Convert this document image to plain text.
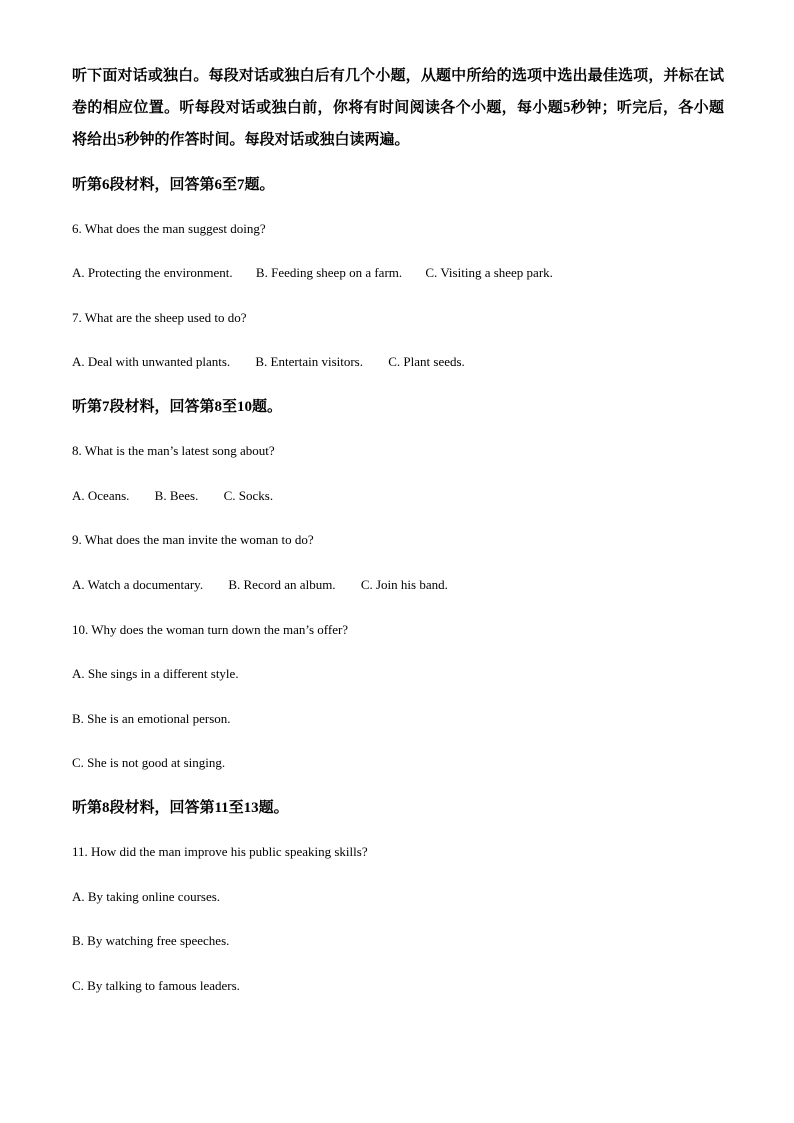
听下面对话或独白。每段对话或独白后有几个小题，从题中所给的选项中选出最佳选项，并标在试卷的相应位置。听每段对话或独白前，你将有时间阅读各个小题，每小题5秒钟；听完后，各小题将给出5秒钟的作答时间。每段对话或独白读两遍。
听第6段材料，回答第6至7题。
6. What does the man suggest doing?
A. Protecting the environment. B. Feeding sheep on a farm. C. Visiting a sheep park.
7. What are the sheep used to do?
A. Deal with unwanted plants. B. Entertain visitors. C. Plant seeds.
听第7段材料，回答第8至10题。
8. What is the man’s latest song about?
A. Oceans. B. Bees. C. Socks.
9. What does the man invite the woman to do?
A. Watch a documentary. B. Record an album. C. Join his band.
10. Why does the woman turn down the man’s offer?
A. She sings in a different style.
B. She is an emotional person.
C. She is not good at singing.
听第8段材料，回答第11至13题。
11. How did the man improve his public speaking skills?
A. By taking online courses.
B. By watching free speeches.
C. By talking to famous leaders.
